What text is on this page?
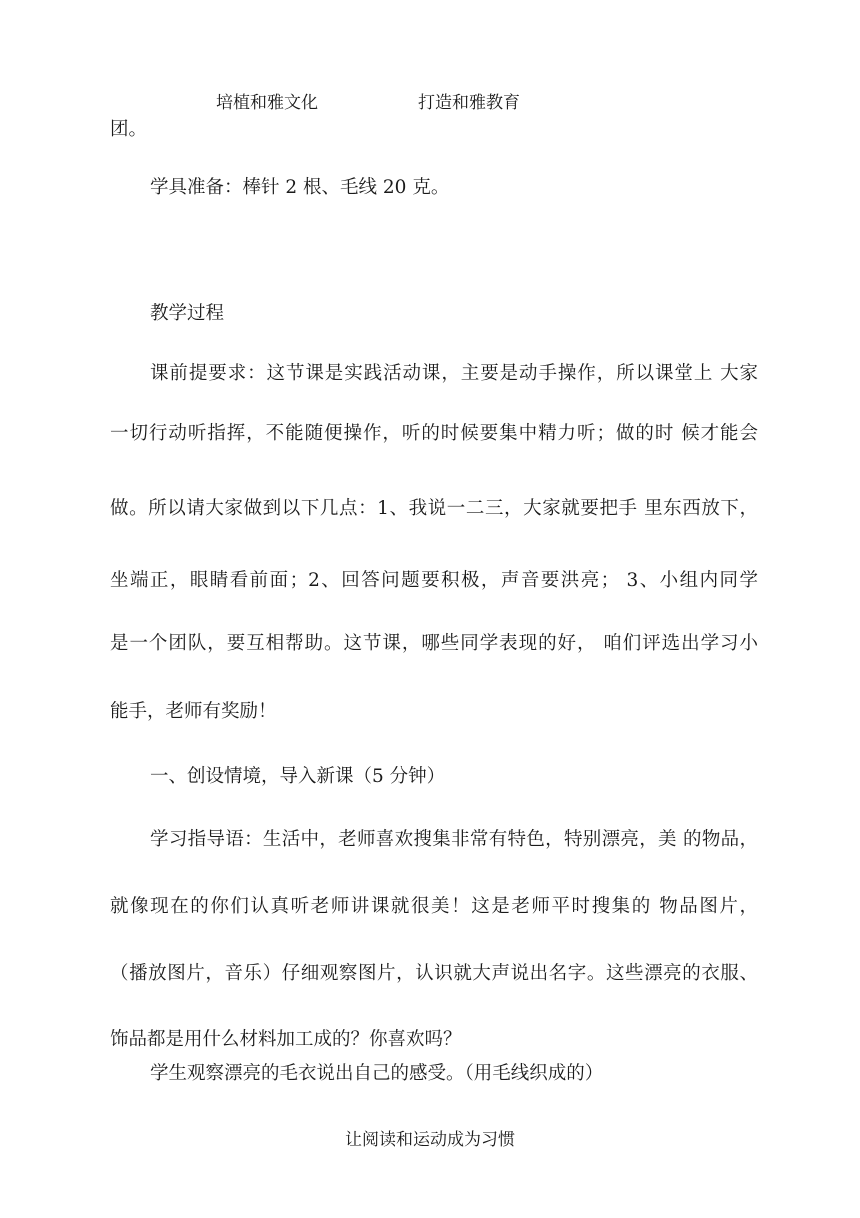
培植和雅文化	打造和雅教育
团。
学具准备：棒针 2 根、毛线 20 克。
教学过程
课前提要求：这节课是实践活动课，主要是动手操作，所以课堂上 大家
一切行动听指挥，不能随便操作，听的时候要集中精力听；做的时 候才能会
做。所以请大家做到以下几点：1、我说一二三，大家就要把手 里东西放下，
坐端正，眼睛看前面；2、回答问题要积极，声音要洪亮； 3、小组内同学
是一个团队，要互相帮助。这节课，哪些同学表现的好， 咱们评选出学习小
能手，老师有奖励！
一、创设情境，导入新课（5 分钟）
学习指导语：生活中，老师喜欢搜集非常有特色，特别漂亮，美 的物品，
就像现在的你们认真听老师讲课就很美！这是老师平时搜集的 物品图片，
（播放图片，音乐）仔细观察图片，认识就大声说出名字。这些漂亮的衣服、
饰品都是用什么材料加工成的？你喜欢吗？
学生观察漂亮的毛衣说出自己的感受。（用毛线织成的）
让阅读和运动成为习惯
